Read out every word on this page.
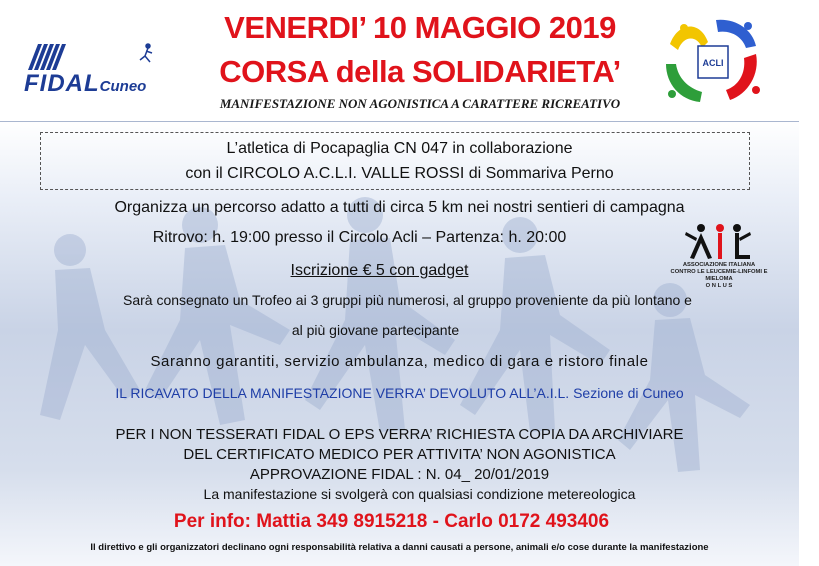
FIDALCuneo
VENERDI’ 10 MAGGIO 2019
CORSA della SOLIDARIETA’
MANIFESTAZIONE NON AGONISTICA A CARATTERE RICREATIVO
ACLI
L’atletica di Pocapaglia CN 047 in collaborazione
con il CIRCOLO A.C.L.I. VALLE ROSSI di Sommariva Perno
Organizza un percorso adatto a tutti di circa 5 km nei nostri sentieri di campagna
Ritrovo: h. 19:00 presso il Circolo Acli – Partenza: h. 20:00
Iscrizione € 5 con gadget
Sarà consegnato un Trofeo ai 3 gruppi più numerosi, al gruppo proveniente da più lontano e
al più giovane partecipante
Saranno garantiti, servizio ambulanza, medico di gara e ristoro finale
IL RICAVATO DELLA MANIFESTAZIONE VERRA’ DEVOLUTO ALL’A.I.L. Sezione di Cuneo
ASSOCIAZIONE ITALIANA
CONTRO LE LEUCEMIE-LINFOMI E MIELOMA
O N L U S
PER I NON TESSERATI FIDAL O EPS VERRA’ RICHIESTA COPIA DA ARCHIVIARE
DEL CERTIFICATO MEDICO PER ATTIVITA’ NON AGONISTICA
APPROVAZIONE FIDAL : N. 04_ 20/01/2019
La manifestazione si svolgerà con qualsiasi condizione metereologica
Per info: Mattia 349 8915218 - Carlo 0172 493406
Il direttivo e gli organizzatori declinano ogni responsabilità relativa a danni causati a persone, animali e/o cose durante la manifestazione
